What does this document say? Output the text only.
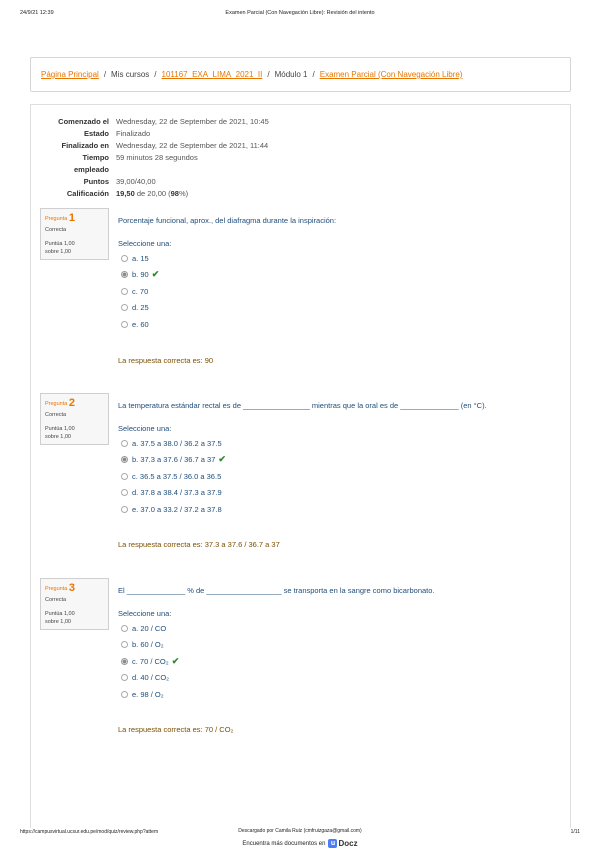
24/9/21 12:39	Examen Parcial (Con Navegación Libre): Revisión del intento
Página Principal / Mis cursos / 101167_EXA_LIMA_2021_II / Módulo 1 / Examen Parcial (Con Navegación Libre)
Comenzado el Wednesday, 22 de September de 2021, 10:45
Estado Finalizado
Finalizado en Wednesday, 22 de September de 2021, 11:44
Tiempo empleado
59 minutos 28 segundos
Puntos 39,00/40,00
Calificación 19,50 de 20,00 (98%)
Pregunta 1
Correcta
Puntúa 1,00
sobre 1,00
Porcentaje funcional, aprox., del diafragma durante la inspiración:
Seleccione una:
a. 15
b. 90 ✔
c. 70
d. 25
e. 60
La respuesta correcta es: 90
Pregunta 2
Correcta
Puntúa 1,00
sobre 1,00
La temperatura estándar rectal es de ________________ mientras que la oral es de ______________ (en °C).
Seleccione una:
a. 37.5 a 38.0 / 36.2 a 37.5
b. 37.3 a 37.6 / 36.7 a 37 ✔
c. 36.5 a 37.5 / 36.0 a 36.5
d. 37.8 a 38.4 / 37.3 a 37.9
e. 37.0 a 33.2 / 37.2 a 37.8
La respuesta correcta es: 37.3 a 37.6 / 36.7 a 37
Pregunta 3
Correcta
Puntúa 1,00
sobre 1,00
El ______________ % de __________________ se transporta en la sangre como bicarbonato.
Seleccione una:
a. 20 / CO
b. 60 / O₂
c. 70 / CO₂ ✔
d. 40 / CO₂
e. 98 / O₂
La respuesta correcta es: 70 / CO₂
https://campusvirtual.ucsur.edu.pe/mod/quiz/review.php?attem	Descargado por Camila Ruiz (cmfruizgaza@gmail.com)
Encuentra más documentos en u Docz
1/11
